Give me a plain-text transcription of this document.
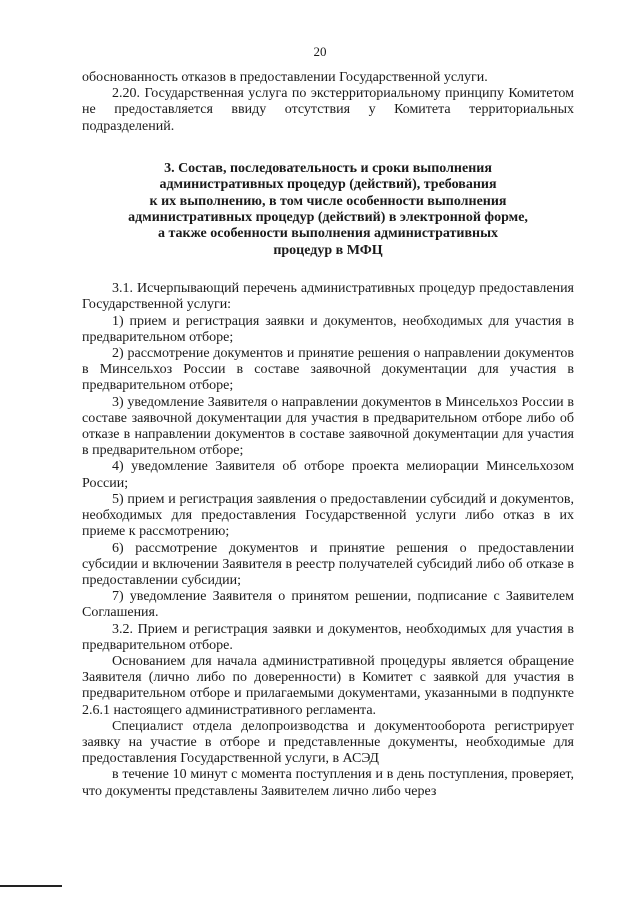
20

обоснованность отказов в предоставлении Государственной услуги.

2.20. Государственная услуга по экстерриториальному принципу Комитетом не предоставляется ввиду отсутствия у Комитета территориальных подразделений.

3. Состав, последовательность и сроки выполнения
административных процедур (действий), требования
к их выполнению, в том числе особенности выполнения
административных процедур (действий) в электронной форме,
а также особенности выполнения административных
процедур в МФЦ

3.1. Исчерпывающий перечень административных процедур предоставления Государственной услуги:

1) прием и регистрация заявки и документов, необходимых для участия в предварительном отборе;

2) рассмотрение документов и принятие решения о направлении документов в Минсельхоз России в составе заявочной документации для участия в предварительном отборе;

3) уведомление Заявителя о направлении документов в Минсельхоз России в составе заявочной документации для участия в предварительном отборе либо об отказе в направлении документов в составе заявочной документации для участия в предварительном отборе;

4) уведомление Заявителя об отборе проекта мелиорации Минсельхозом России;

5) прием и регистрация заявления о предоставлении субсидий и документов, необходимых для предоставления Государственной услуги либо отказ в их приеме к рассмотрению;

6) рассмотрение документов и принятие решения о предоставлении субсидии и включении Заявителя в реестр получателей субсидий либо об отказе в предоставлении субсидии;

7) уведомление Заявителя о принятом решении, подписание с Заявителем Соглашения.

3.2. Прием и регистрация заявки и документов, необходимых для участия в предварительном отборе.

Основанием для начала административной процедуры является обращение Заявителя (лично либо по доверенности) в Комитет с заявкой для участия в предварительном отборе и прилагаемыми документами, указанными в подпункте 2.6.1 настоящего административного регламента.

Специалист отдела делопроизводства и документооборота регистрирует заявку на участие в отборе и представленные документы, необходимые для предоставления Государственной услуги, в АСЭД

в течение 10 минут с момента поступления и в день поступления, проверяет, что документы представлены Заявителем лично либо через
